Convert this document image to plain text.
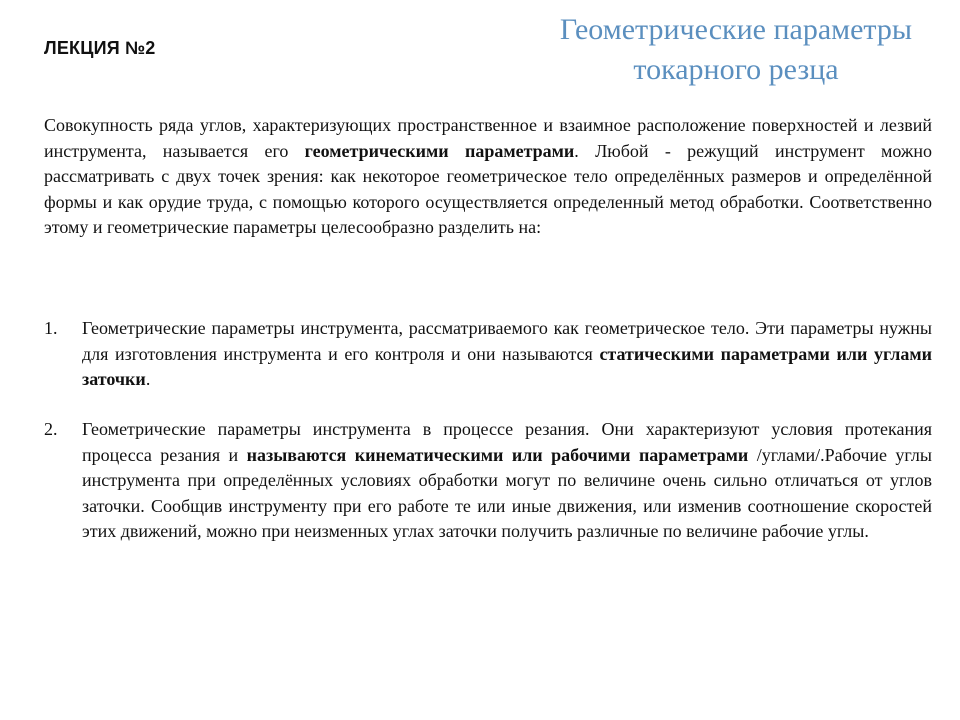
ЛЕКЦИЯ №2
Геометрические параметры
токарного резца

Совокупность ряда углов, характеризующих пространственное и взаимное расположение поверхностей и лезвий инструмента, называется его геометрическими параметрами. Любой - режущий инструмент можно рассматривать с двух точек зрения: как некоторое геометрическое тело определённых размеров и определённой формы и как орудие труда, с помощью которого осуществляется определенный метод обработки. Соответственно этому и геометрические параметры целесообразно разделить на:

1. Геометрические параметры инструмента, рассматриваемого как геометрическое тело. Эти параметры нужны для изготовления инструмента и его контроля и они называются статическими параметрами или углами заточки.

2. Геометрические параметры инструмента в процессе резания. Они характеризуют условия протекания процесса резания и называются кинематическими или рабочими параметрами /углами/.Рабочие углы инструмента при определённых условиях обработки могут по величине очень сильно отличаться от углов заточки. Сообщив инструменту при его работе те или иные движения, или изменив соотношение скоростей этих движений, можно при неизменных углах заточки получить различные по величине рабочие углы.
